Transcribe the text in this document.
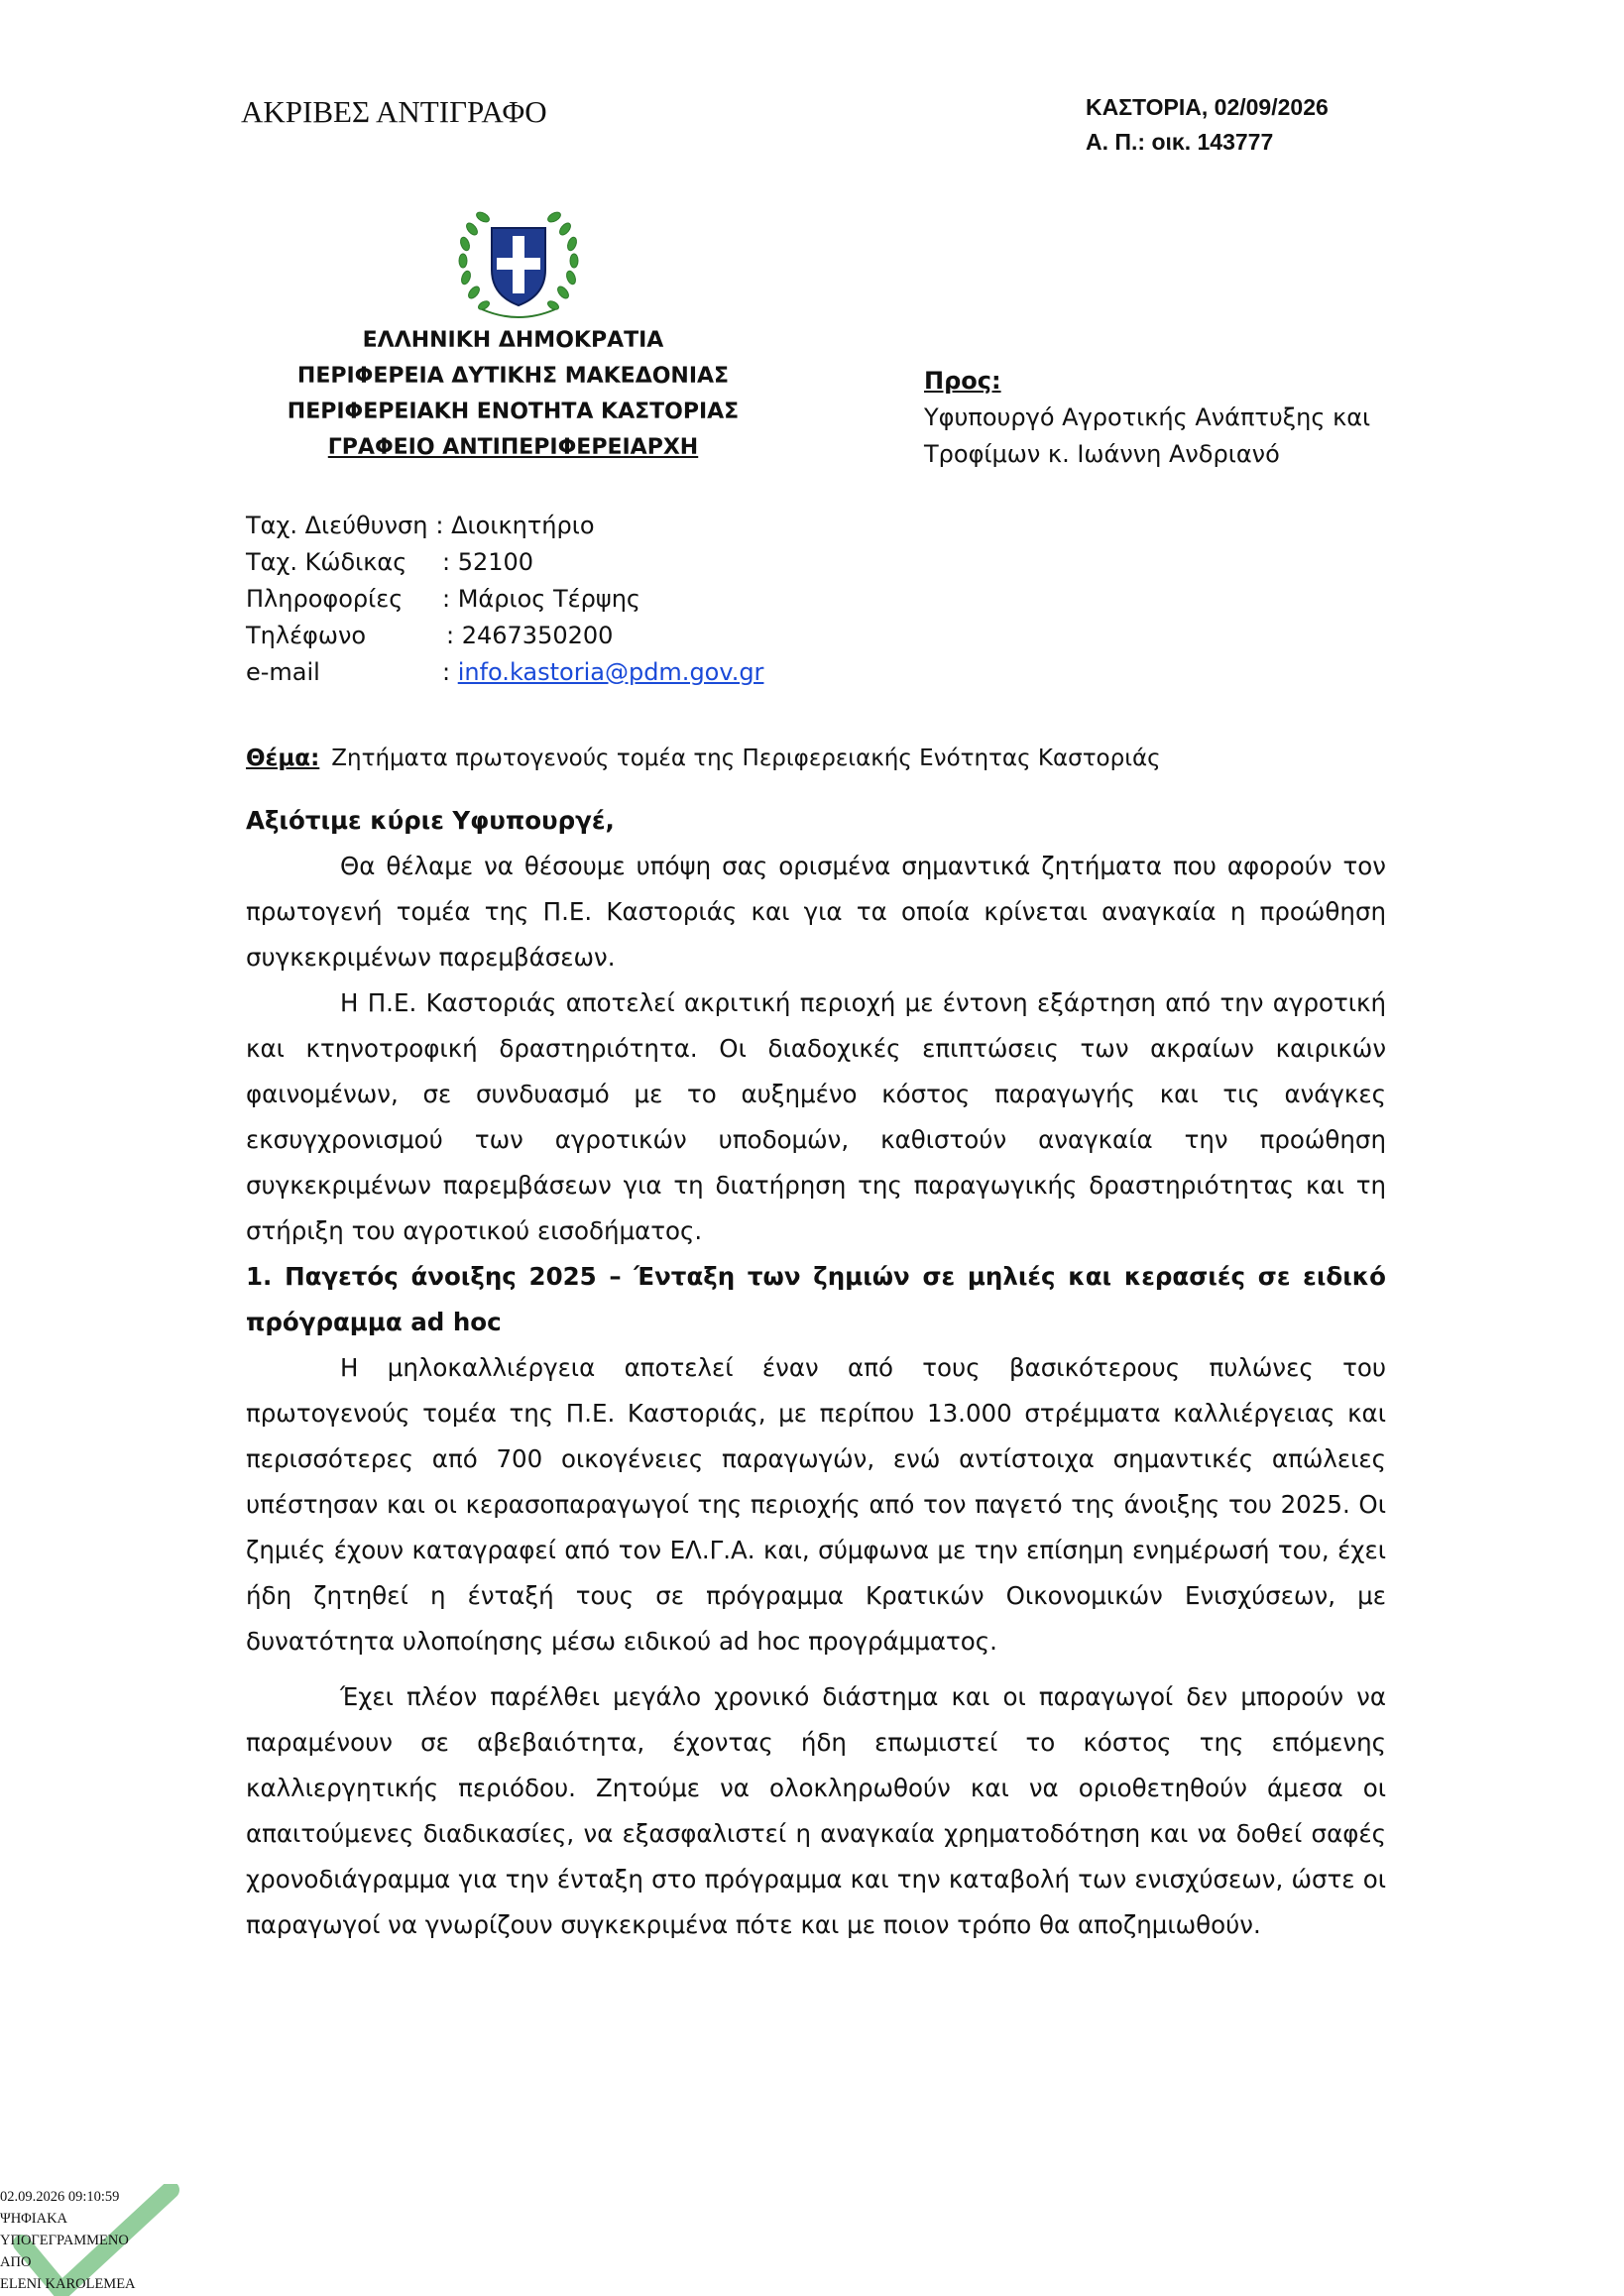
ΑΚΡΙΒΕΣ ΑΝΤΙΓΡΑΦΟ	ΚΑΣΤΟΡΙΑ, 02/09/2026
Α. Π.: οικ. 143777
ΕΛΛΗΝΙΚΗ ΔΗΜΟΚΡΑΤΙΑ
ΠΕΡΙΦΕΡΕΙΑ ΔΥΤΙΚΗΣ ΜΑΚΕΔΟΝΙΑΣ
ΠΕΡΙΦΕΡΕΙΑΚΗ ΕΝΟΤΗΤΑ ΚΑΣΤΟΡΙΑΣ
ΓΡΑΦΕΙΟ ΑΝΤΙΠΕΡΙΦΕΡΕΙΑΡΧΗ
Προς:
Υφυπουργό Αγροτικής Ανάπτυξης και
Τροφίμων κ. Ιωάννη Ανδριανό
Ταχ. Διεύθυνση : Διοικητήριο
Ταχ. Κώδικας	: 52100
Πληροφορίες	: Μάριος Τέρψης
Τηλέφωνο	: 2467350200
e-mail	: info.kastoria@pdm.gov.gr
Θέμα: Ζητήματα πρωτογενούς τομέα της Περιφερειακής Ενότητας Καστοριάς
Αξιότιμε κύριε Υφυπουργέ,

Θα θέλαμε να θέσουμε υπόψη σας ορισμένα σημαντικά ζητήματα που αφορούν τον πρωτογενή τομέα της Π.Ε. Καστοριάς και για τα οποία κρίνεται αναγκαία η προώθηση συγκεκριμένων παρεμβάσεων.

Η Π.Ε. Καστοριάς αποτελεί ακριτική περιοχή με έντονη εξάρτηση από την αγροτική και κτηνοτροφική δραστηριότητα. Οι διαδοχικές επιπτώσεις των ακραίων καιρικών φαινομένων, σε συνδυασμό με το αυξημένο κόστος παραγωγής και τις ανάγκες εκσυγχρονισμού των αγροτικών υποδομών, καθιστούν αναγκαία την προώθηση συγκεκριμένων παρεμβάσεων για τη διατήρηση της παραγωγικής δραστηριότητας και τη στήριξη του αγροτικού εισοδήματος.

1. Παγετός άνοιξης 2025 – Ένταξη των ζημιών σε μηλιές και κερασιές σε ειδικό πρόγραμμα ad hoc

Η μηλοκαλλιέργεια αποτελεί έναν από τους βασικότερους πυλώνες του πρωτογενούς τομέα της Π.Ε. Καστοριάς, με περίπου 13.000 στρέμματα καλλιέργειας και περισσότερες από 700 οικογένειες παραγωγών, ενώ αντίστοιχα σημαντικές απώλειες υπέστησαν και οι κερασοπαραγωγοί της περιοχής από τον παγετό της άνοιξης του 2025. Οι ζημιές έχουν καταγραφεί από τον ΕΛ.Γ.Α. και, σύμφωνα με την επίσημη ενημέρωσή του, έχει ήδη ζητηθεί η ένταξή τους σε πρόγραμμα Κρατικών Οικονομικών Ενισχύσεων, με δυνατότητα υλοποίησης μέσω ειδικού ad hoc προγράμματος.

Έχει πλέον παρέλθει μεγάλο χρονικό διάστημα και οι παραγωγοί δεν μπορούν να παραμένουν σε αβεβαιότητα, έχοντας ήδη επωμιστεί το κόστος της επόμενης καλλιεργητικής περιόδου. Ζητούμε να ολοκληρωθούν και να οριοθετηθούν άμεσα οι απαιτούμενες διαδικασίες, να εξασφαλιστεί η αναγκαία χρηματοδότηση και να δοθεί σαφές χρονοδιάγραμμα για την ένταξη στο πρόγραμμα και την καταβολή των ενισχύσεων, ώστε οι παραγωγοί να γνωρίζουν συγκεκριμένα πότε και με ποιον τρόπο θα αποζημιωθούν.

02.09.2026 09:10:59
ΨΗΦΙΑΚΑ
ΥΠΟΓΕΓΡΑΜΜΕΝΟ
ΑΠΟ
ELENI KAROLEMEA
